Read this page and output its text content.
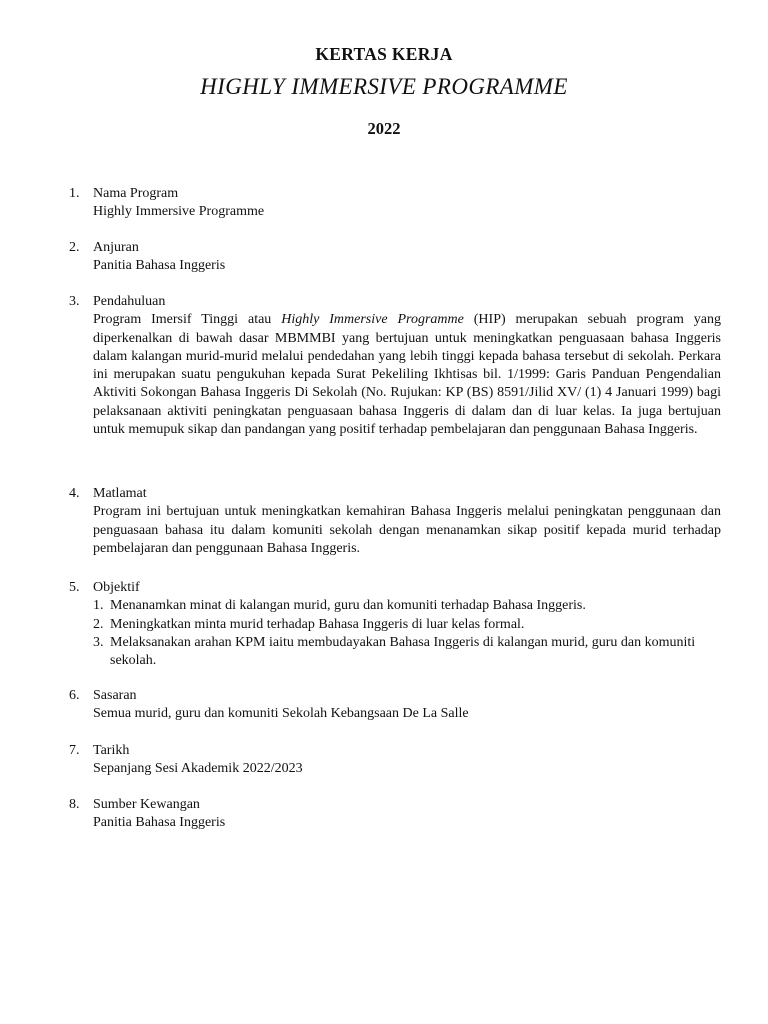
KERTAS KERJA
HIGHLY IMMERSIVE PROGRAMME
2022
1. Nama Program
Highly Immersive Programme
2. Anjuran
Panitia Bahasa Inggeris
3. Pendahuluan
Program Imersif Tinggi atau Highly Immersive Programme (HIP) merupakan sebuah program yang diperkenalkan di bawah dasar MBMMBI yang bertujuan untuk meningkatkan penguasaan bahasa Inggeris dalam kalangan murid-murid melalui pendedahan yang lebih tinggi kepada bahasa tersebut di sekolah. Perkara ini merupakan suatu pengukuhan kepada Surat Pekeliling Ikhtisas bil. 1/1999: Garis Panduan Pengendalian Aktiviti Sokongan Bahasa Inggeris Di Sekolah (No. Rujukan: KP (BS) 8591/Jilid XV/ (1) 4 Januari 1999) bagi pelaksanaan aktiviti peningkatan penguasaan bahasa Inggeris di dalam dan di luar kelas. Ia juga bertujuan untuk memupuk sikap dan pandangan yang positif terhadap pembelajaran dan penggunaan Bahasa Inggeris.
4. Matlamat
Program ini bertujuan untuk meningkatkan kemahiran Bahasa Inggeris melalui peningkatan penggunaan dan penguasaan bahasa itu dalam komuniti sekolah dengan menanamkan sikap positif kepada murid terhadap pembelajaran dan penggunaan Bahasa Inggeris.
5. Objektif
1. Menanamkan minat di kalangan murid, guru dan komuniti terhadap Bahasa Inggeris.
2. Meningkatkan minta murid terhadap Bahasa Inggeris di luar kelas formal.
3. Melaksanakan arahan KPM iaitu membudayakan Bahasa Inggeris di kalangan murid, guru dan komuniti sekolah.
6. Sasaran
Semua murid, guru dan komuniti Sekolah Kebangsaan De La Salle
7. Tarikh
Sepanjang Sesi Akademik 2022/2023
8. Sumber Kewangan
Panitia Bahasa Inggeris
